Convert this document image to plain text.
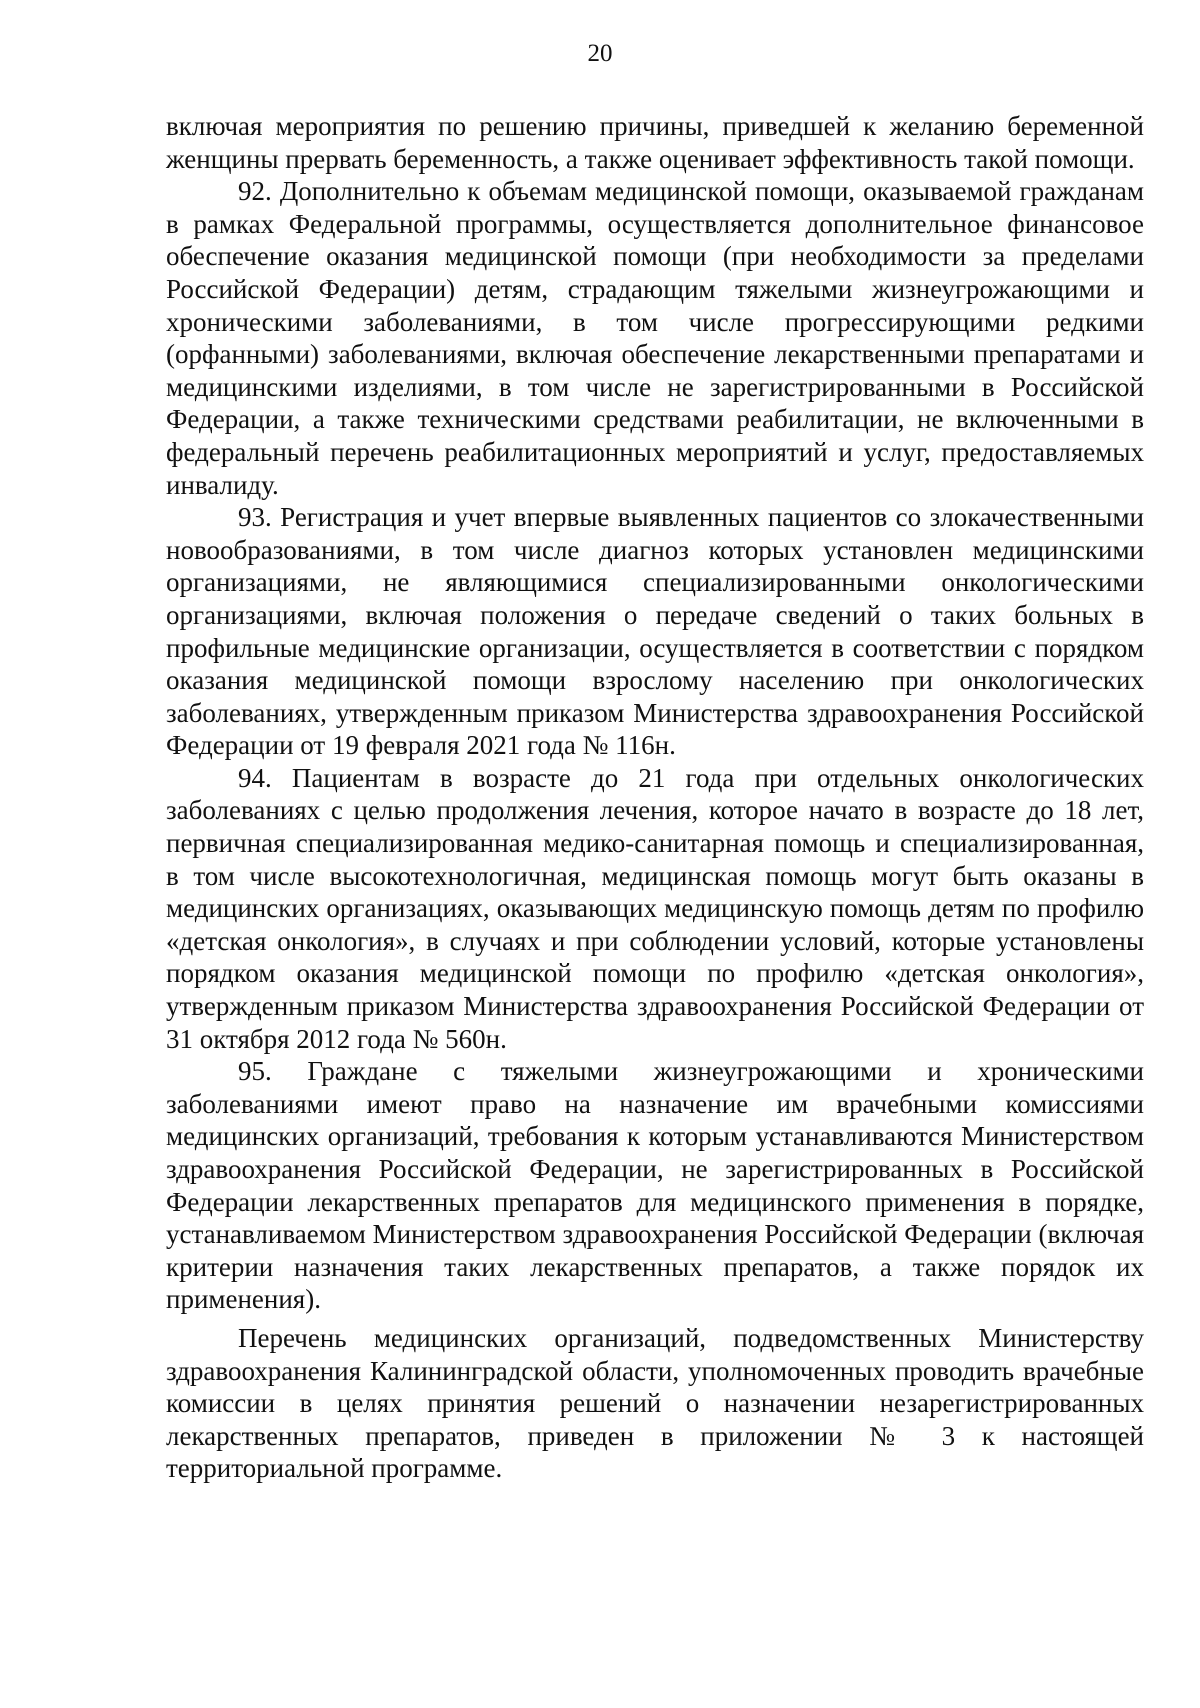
20

включая мероприятия по решению причины, приведшей к желанию беременной женщины прервать беременность, а также оценивает эффективность такой помощи.

92. Дополнительно к объемам медицинской помощи, оказываемой гражданам в рамках Федеральной программы, осуществляется дополнительное финансовое обеспечение оказания медицинской помощи (при необходимости за пределами Российской Федерации) детям, страдающим тяжелыми жизнеугрожающими и хроническими заболеваниями, в том числе прогрессирующими редкими (орфанными) заболеваниями, включая обеспечение лекарственными препаратами и медицинскими изделиями, в том числе не зарегистрированными в Российской Федерации, а также техническими средствами реабилитации, не включенными в федеральный перечень реабилитационных мероприятий и услуг, предоставляемых инвалиду.

93. Регистрация и учет впервые выявленных пациентов со злокачественными новообразованиями, в том числе диагноз которых установлен медицинскими организациями, не являющимися специализированными онкологическими организациями, включая положения о передаче сведений о таких больных в профильные медицинские организации, осуществляется в соответствии с порядком оказания медицинской помощи взрослому населению при онкологических заболеваниях, утвержденным приказом Министерства здравоохранения Российской Федерации от 19 февраля 2021 года № 116н.

94. Пациентам в возрасте до 21 года при отдельных онкологических заболеваниях с целью продолжения лечения, которое начато в возрасте до 18 лет, первичная специализированная медико-санитарная помощь и специализированная, в том числе высокотехнологичная, медицинская помощь могут быть оказаны в медицинских организациях, оказывающих медицинскую помощь детям по профилю «детская онкология», в случаях и при соблюдении условий, которые установлены порядком оказания медицинской помощи по профилю «детская онкология», утвержденным приказом Министерства здравоохранения Российской Федерации от 31 октября 2012 года № 560н.

95. Граждане с тяжелыми жизнеугрожающими и хроническими заболеваниями имеют право на назначение им врачебными комиссиями медицинских организаций, требования к которым устанавливаются Министерством здравоохранения Российской Федерации, не зарегистрированных в Российской Федерации лекарственных препаратов для медицинского применения в порядке, устанавливаемом Министерством здравоохранения Российской Федерации (включая критерии назначения таких лекарственных препаратов, а также порядок их применения).

Перечень медицинских организаций, подведомственных Министерству здравоохранения Калининградской области, уполномоченных проводить врачебные комиссии в целях принятия решений о назначении незарегистрированных лекарственных препаратов, приведен в приложении № 3 к настоящей территориальной программе.
